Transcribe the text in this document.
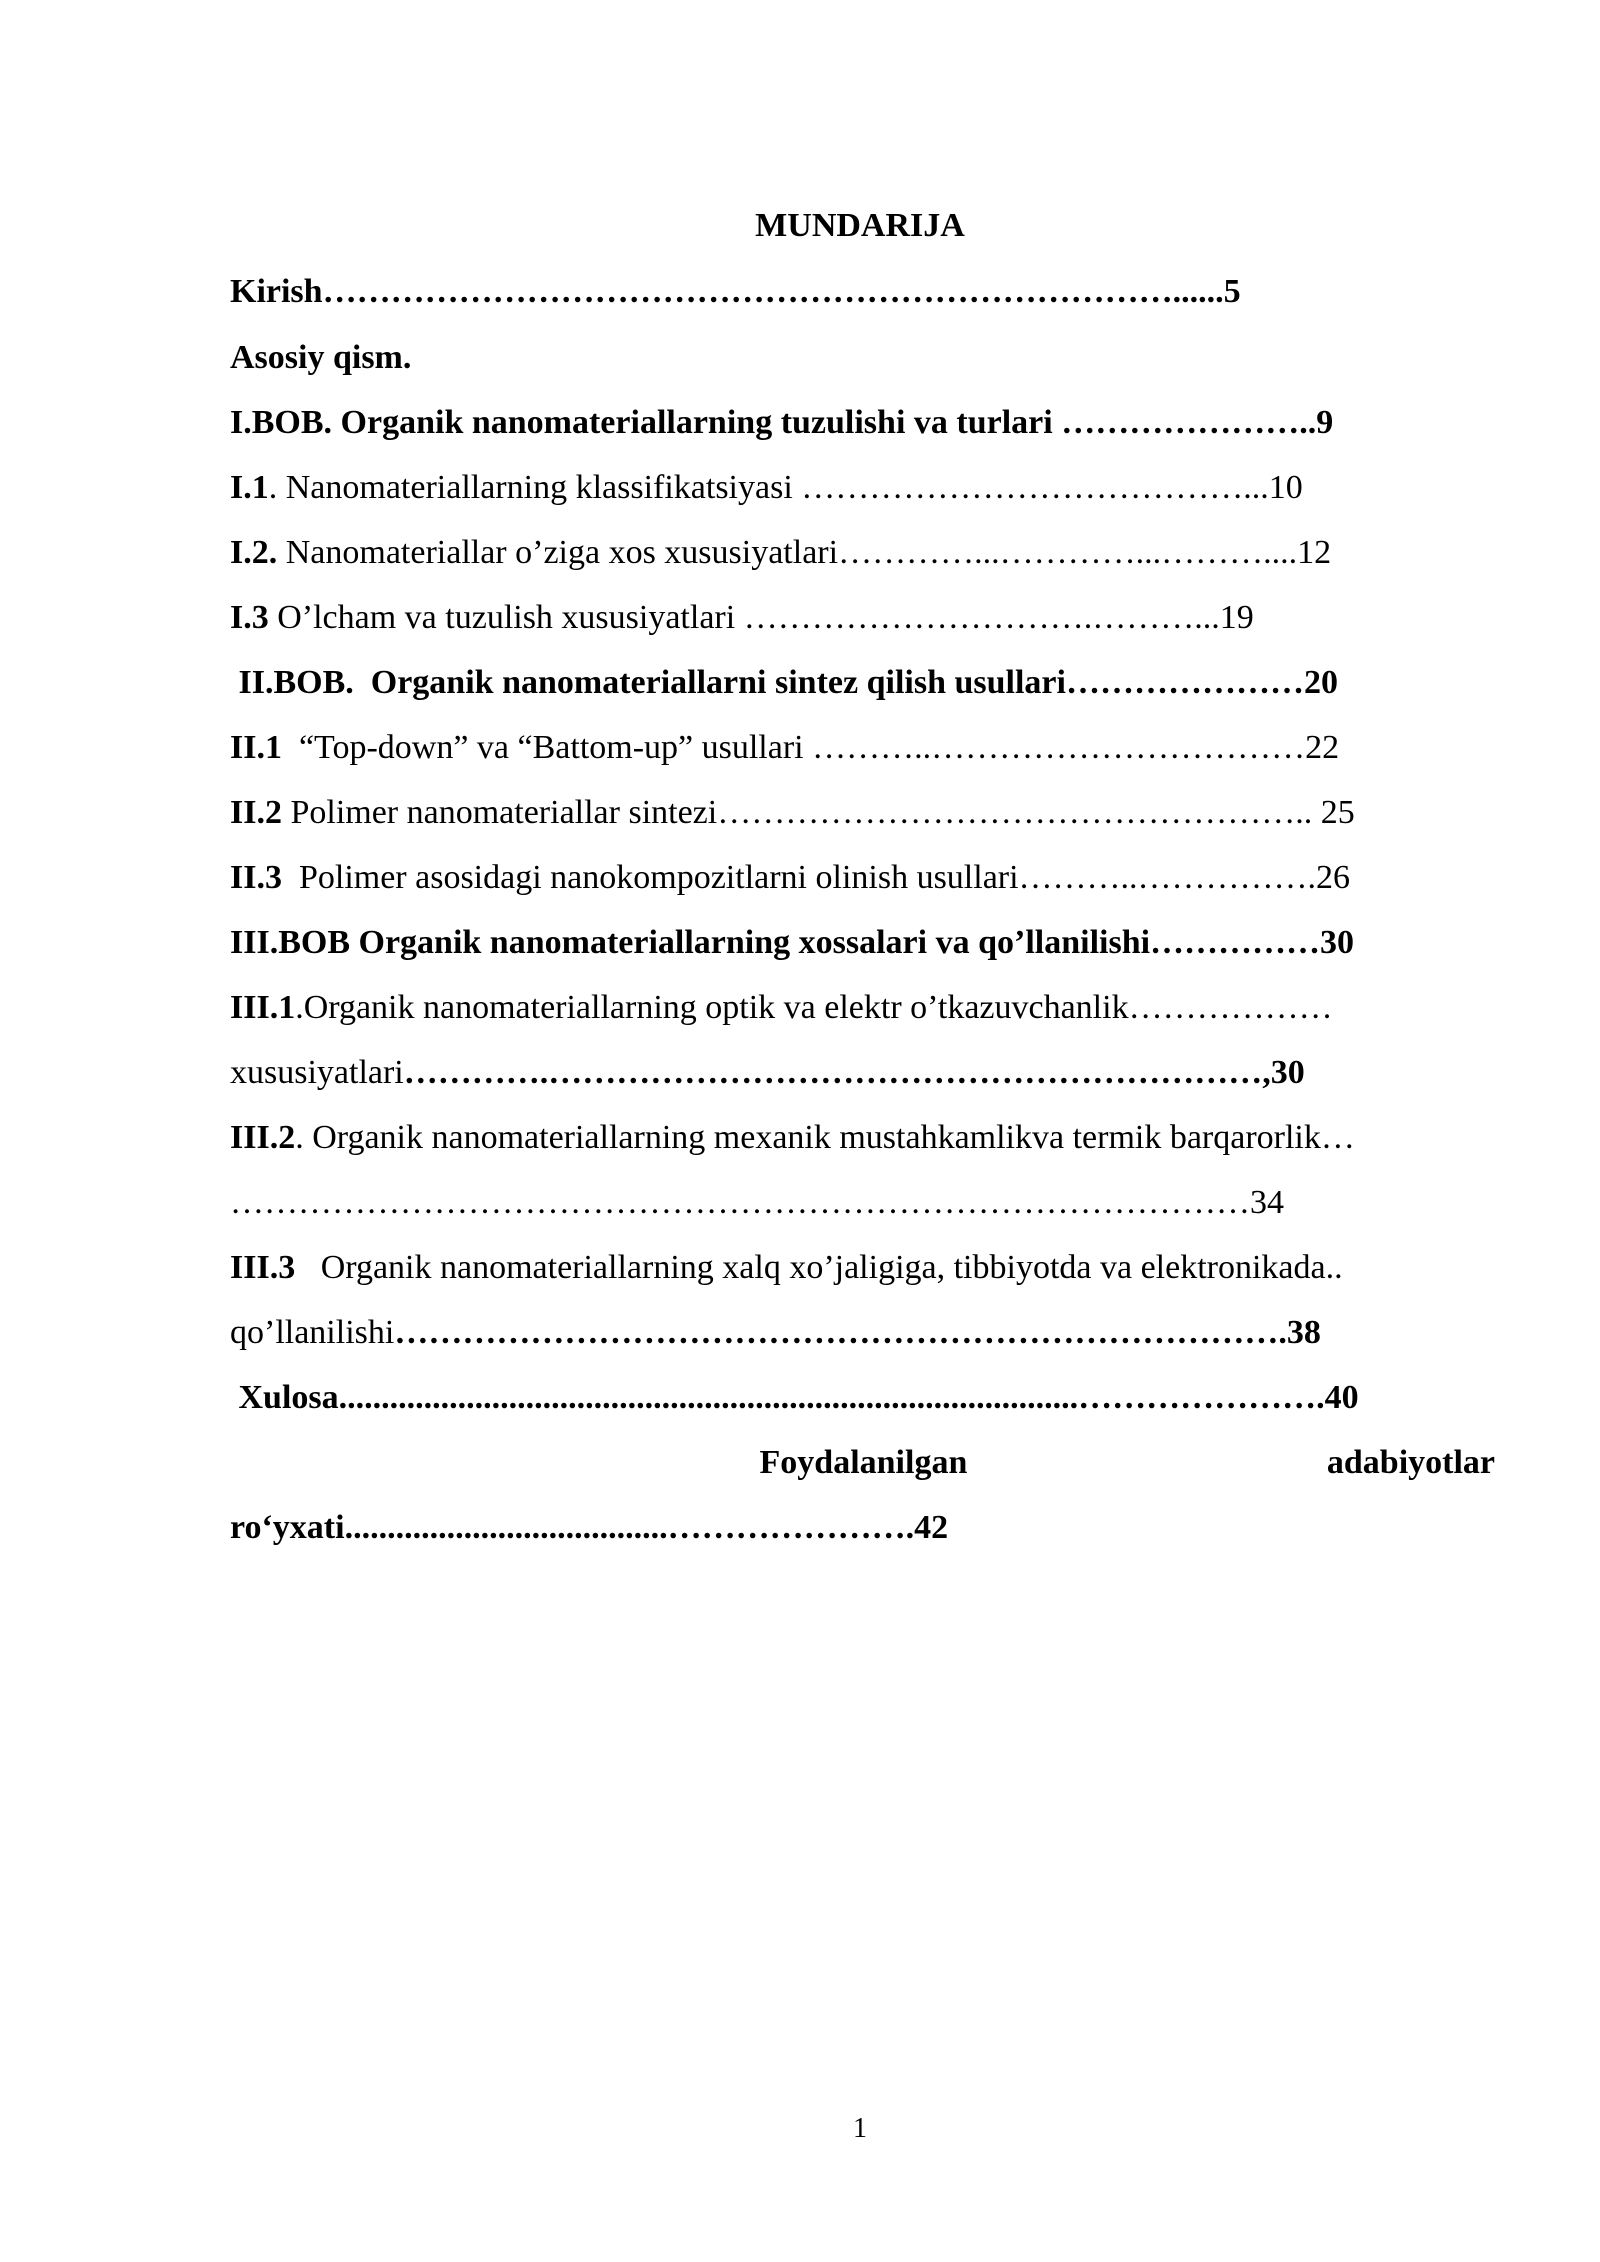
MUNDARIJA
Kirish…………………………………………………………………......5
Asosiy qism.
I.BOB. Organik nanomateriallarning tuzulishi va turlari …………………..9
I.1. Nanomateriallarning klassifikatsiyasi …………………………………...10
I.2. Nanomateriallar o’ziga xos xususiyatlari…………...…………...………....12
I.3 O’lcham va tuzulish xususiyatlari ………………………….………...19
II.BOB.  Organik nanomateriallarni sintez qilish usullari…………………20
II.1  “Top-down” va “Battom-up” usullari ………..……………………………22
II.2 Polimer nanomateriallar sintezi…………………………………………….. 25
II.3  Polimer asosidagi nanokompozitlarni olinish usullari………..…………….26
III.BOB Organik nanomateriallarning xossalari va qo’llanilishi……………30
III.1.Organik nanomateriallarning optik va elektr o’tkazuvchanlik………………
xususiyatlari………….………………………………………………………,30
III.2. Organik nanomateriallarning mexanik mustahkamlikva termik barqarorlik…
………………………………………………………………………………34
III.3   Organik nanomateriallarning xalq xo’jaligiga, tibbiyotda va elektronikada..
qo’llanilishi…………………………………………………………………….38
Xulosa.......................................................................................………………….40
Foydalanilgan	adabiyotlar
ro‘yxati......................................………………….42
1
